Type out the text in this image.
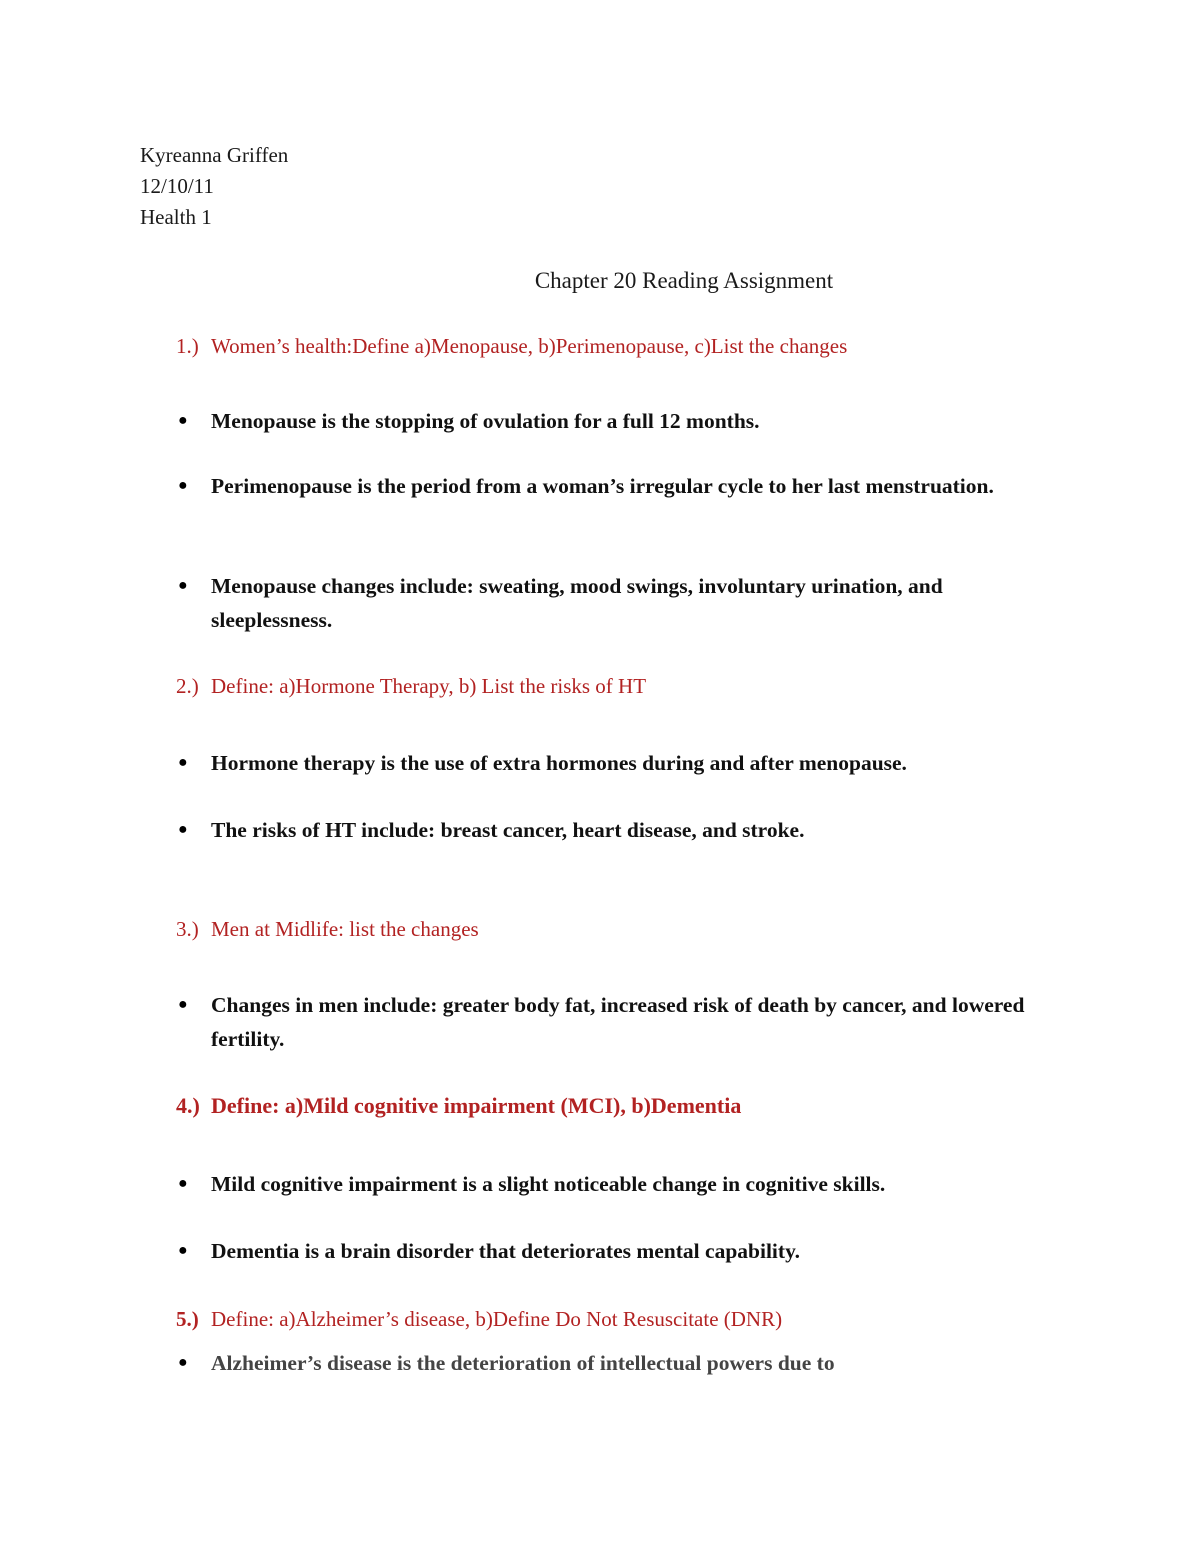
Kyreanna Griffen
12/10/11
Health 1
Chapter 20 Reading Assignment
1.) Women’s health:Define a)Menopause, b)Perimenopause, c)List the changes
● Menopause is the stopping of ovulation for a full 12 months.
● Perimenopause is the period from a woman’s irregular cycle to her last menstruation.
● Menopause changes include: sweating, mood swings, involuntary urination, and sleeplessness.
2.) Define: a)Hormone Therapy, b) List the risks of HT
● Hormone therapy is the use of extra hormones during and after menopause.
● The risks of HT include: breast cancer, heart disease, and stroke.
3.) Men at Midlife: list the changes
● Changes in men include: greater body fat, increased risk of death by cancer, and lowered fertility.
4.) Define: a)Mild cognitive impairment (MCI), b)Dementia
● Mild cognitive impairment is a slight noticeable change in cognitive skills.
● Dementia is a brain disorder that deteriorates mental capability.
5.) Define: a)Alzheimer’s disease, b)Define Do Not Resuscitate (DNR)
● Alzheimer’s disease is the deterioration of intellectual powers due to
